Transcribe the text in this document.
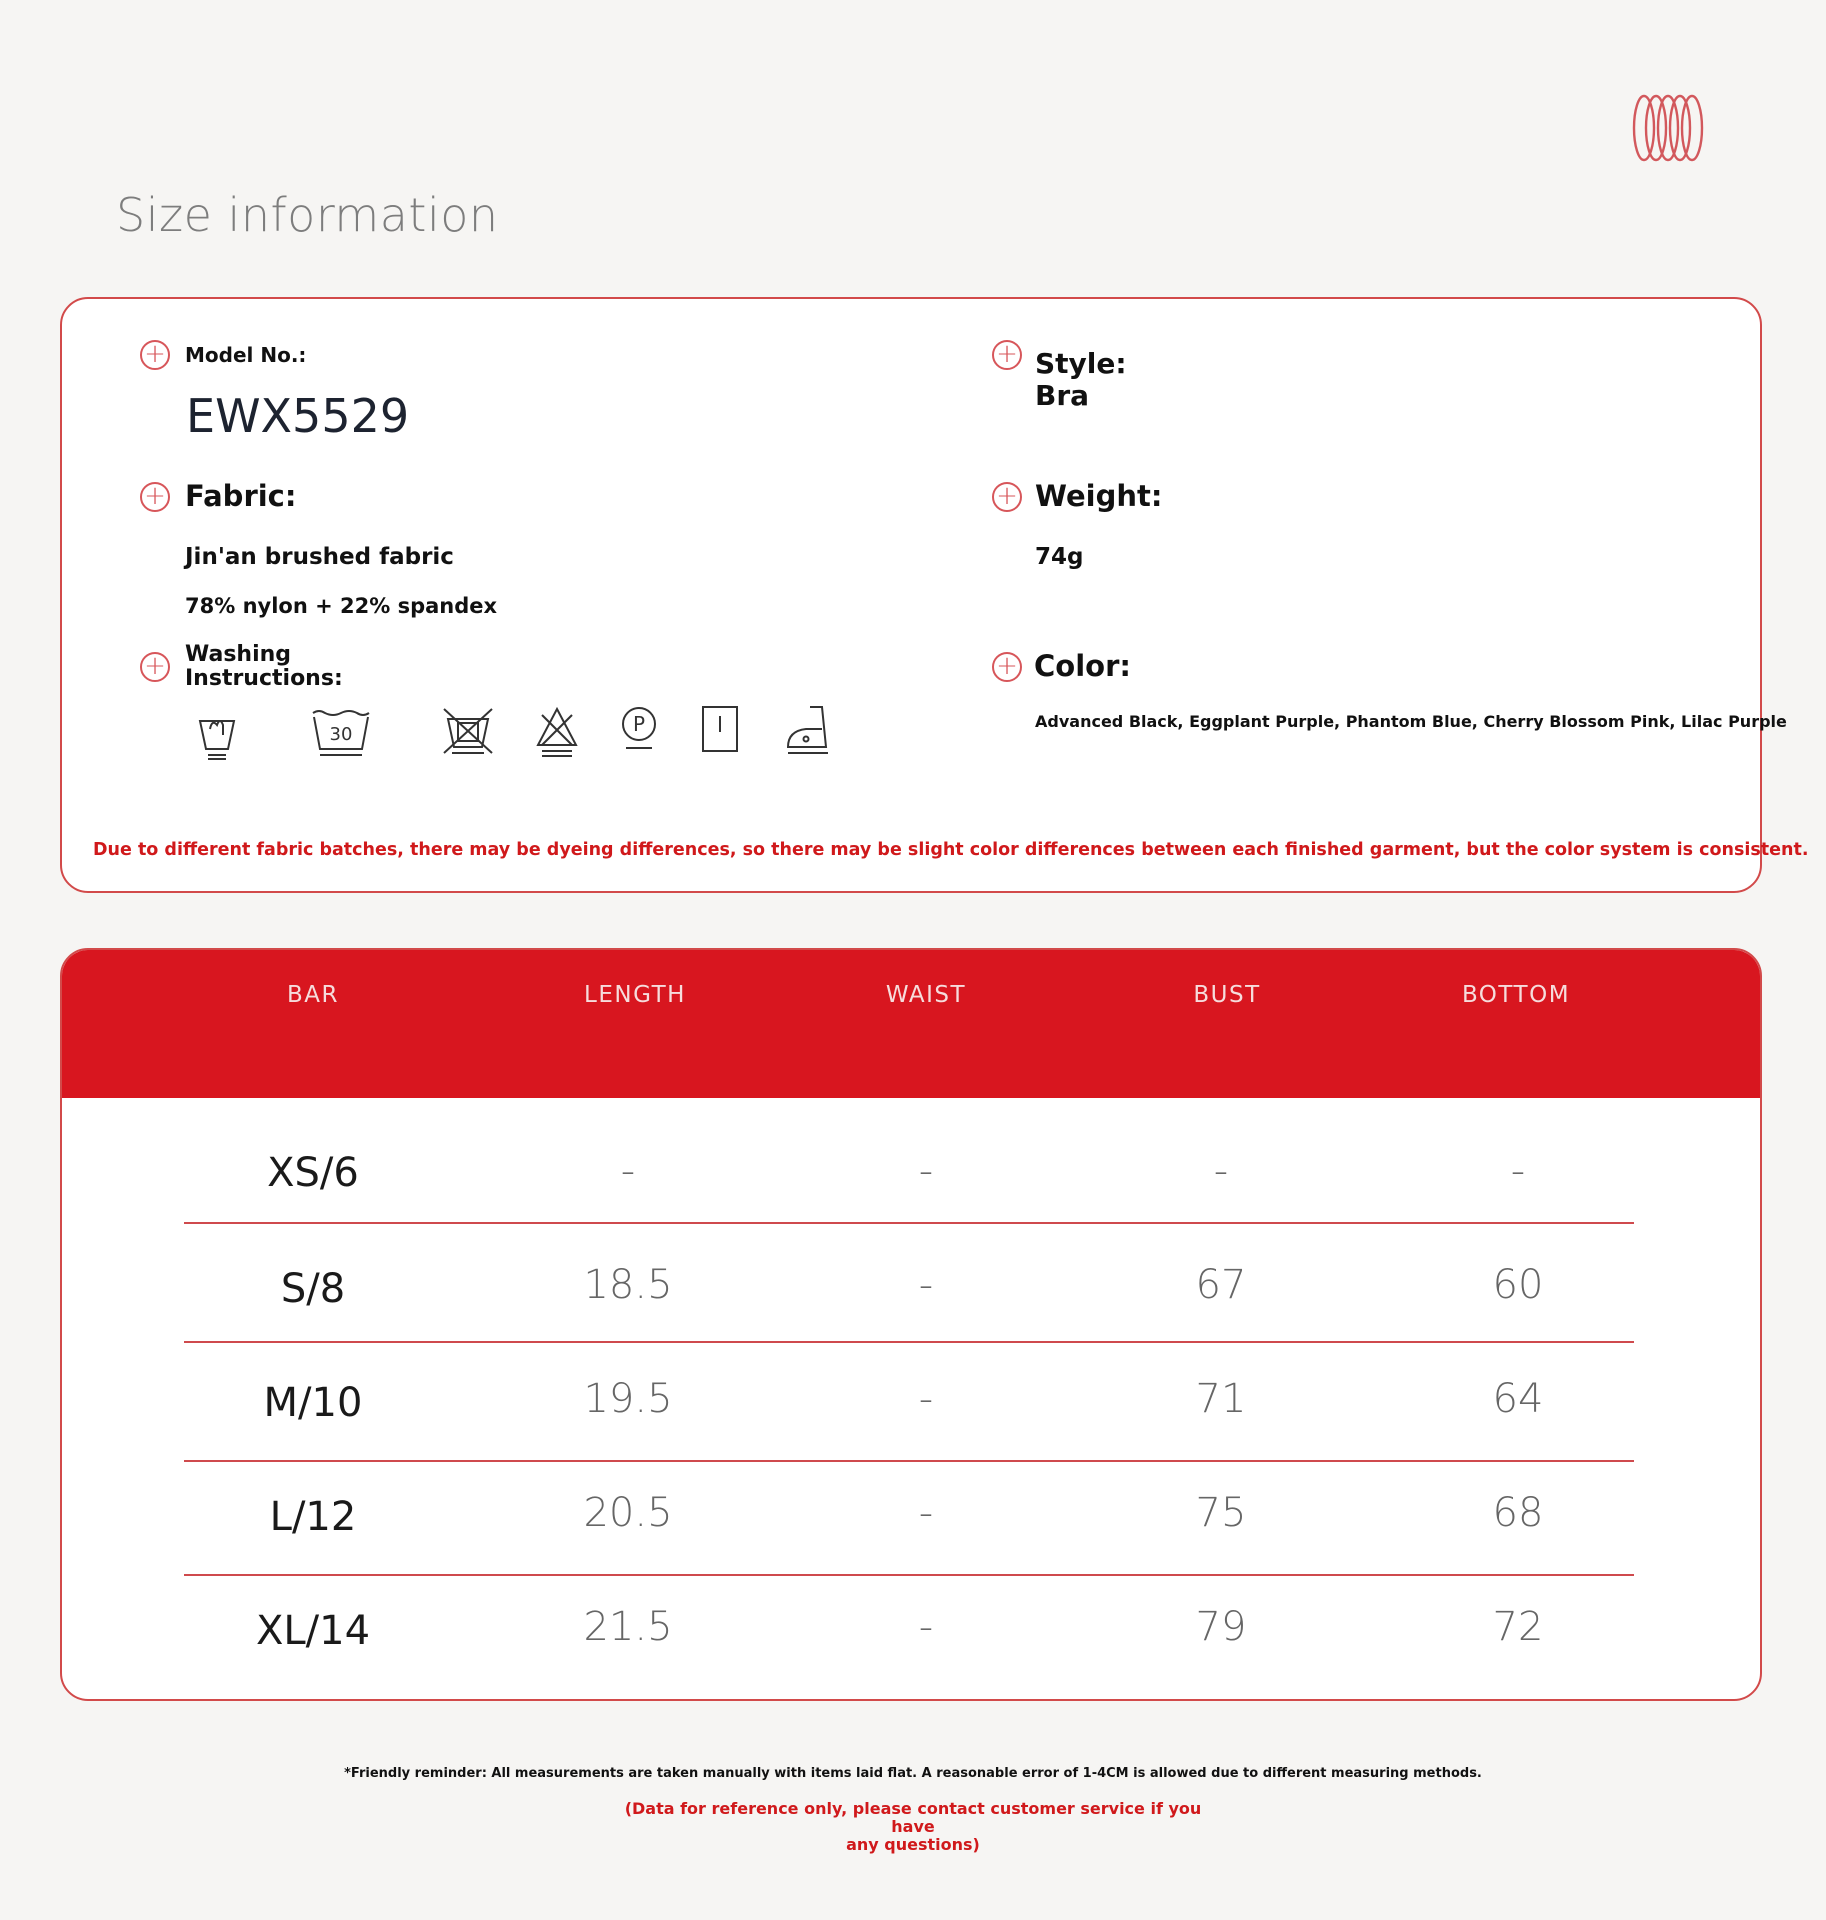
Size information
+ Model No.:
EWX5529
+ Style:
Bra
+ Fabric:
Jin'an brushed fabric
78% nylon + 22% spandex
+ Weight:
74g
+ Washing
Instructions:
30	P
+ Color:
Advanced Black, Eggplant Purple, Phantom Blue, Cherry Blossom Pink, Lilac Purple
Due to different fabric batches, there may be dyeing differences, so there may be slight color differences between each finished garment, but the color system is consistent.
BAR	LENGTH	WAIST	BUST	BOTTOM
XS/6	-	-	-	-
S/8	18.5	-	67	60
M/10	19.5	-	71	64
L/12	20.5	-	75	68
XL/14	21.5	-	79	72
*Friendly reminder: All measurements are taken manually with items laid flat. A reasonable error of 1-4CM is allowed due to different measuring methods.
(Data for reference only, please contact customer service if you have
any questions)
